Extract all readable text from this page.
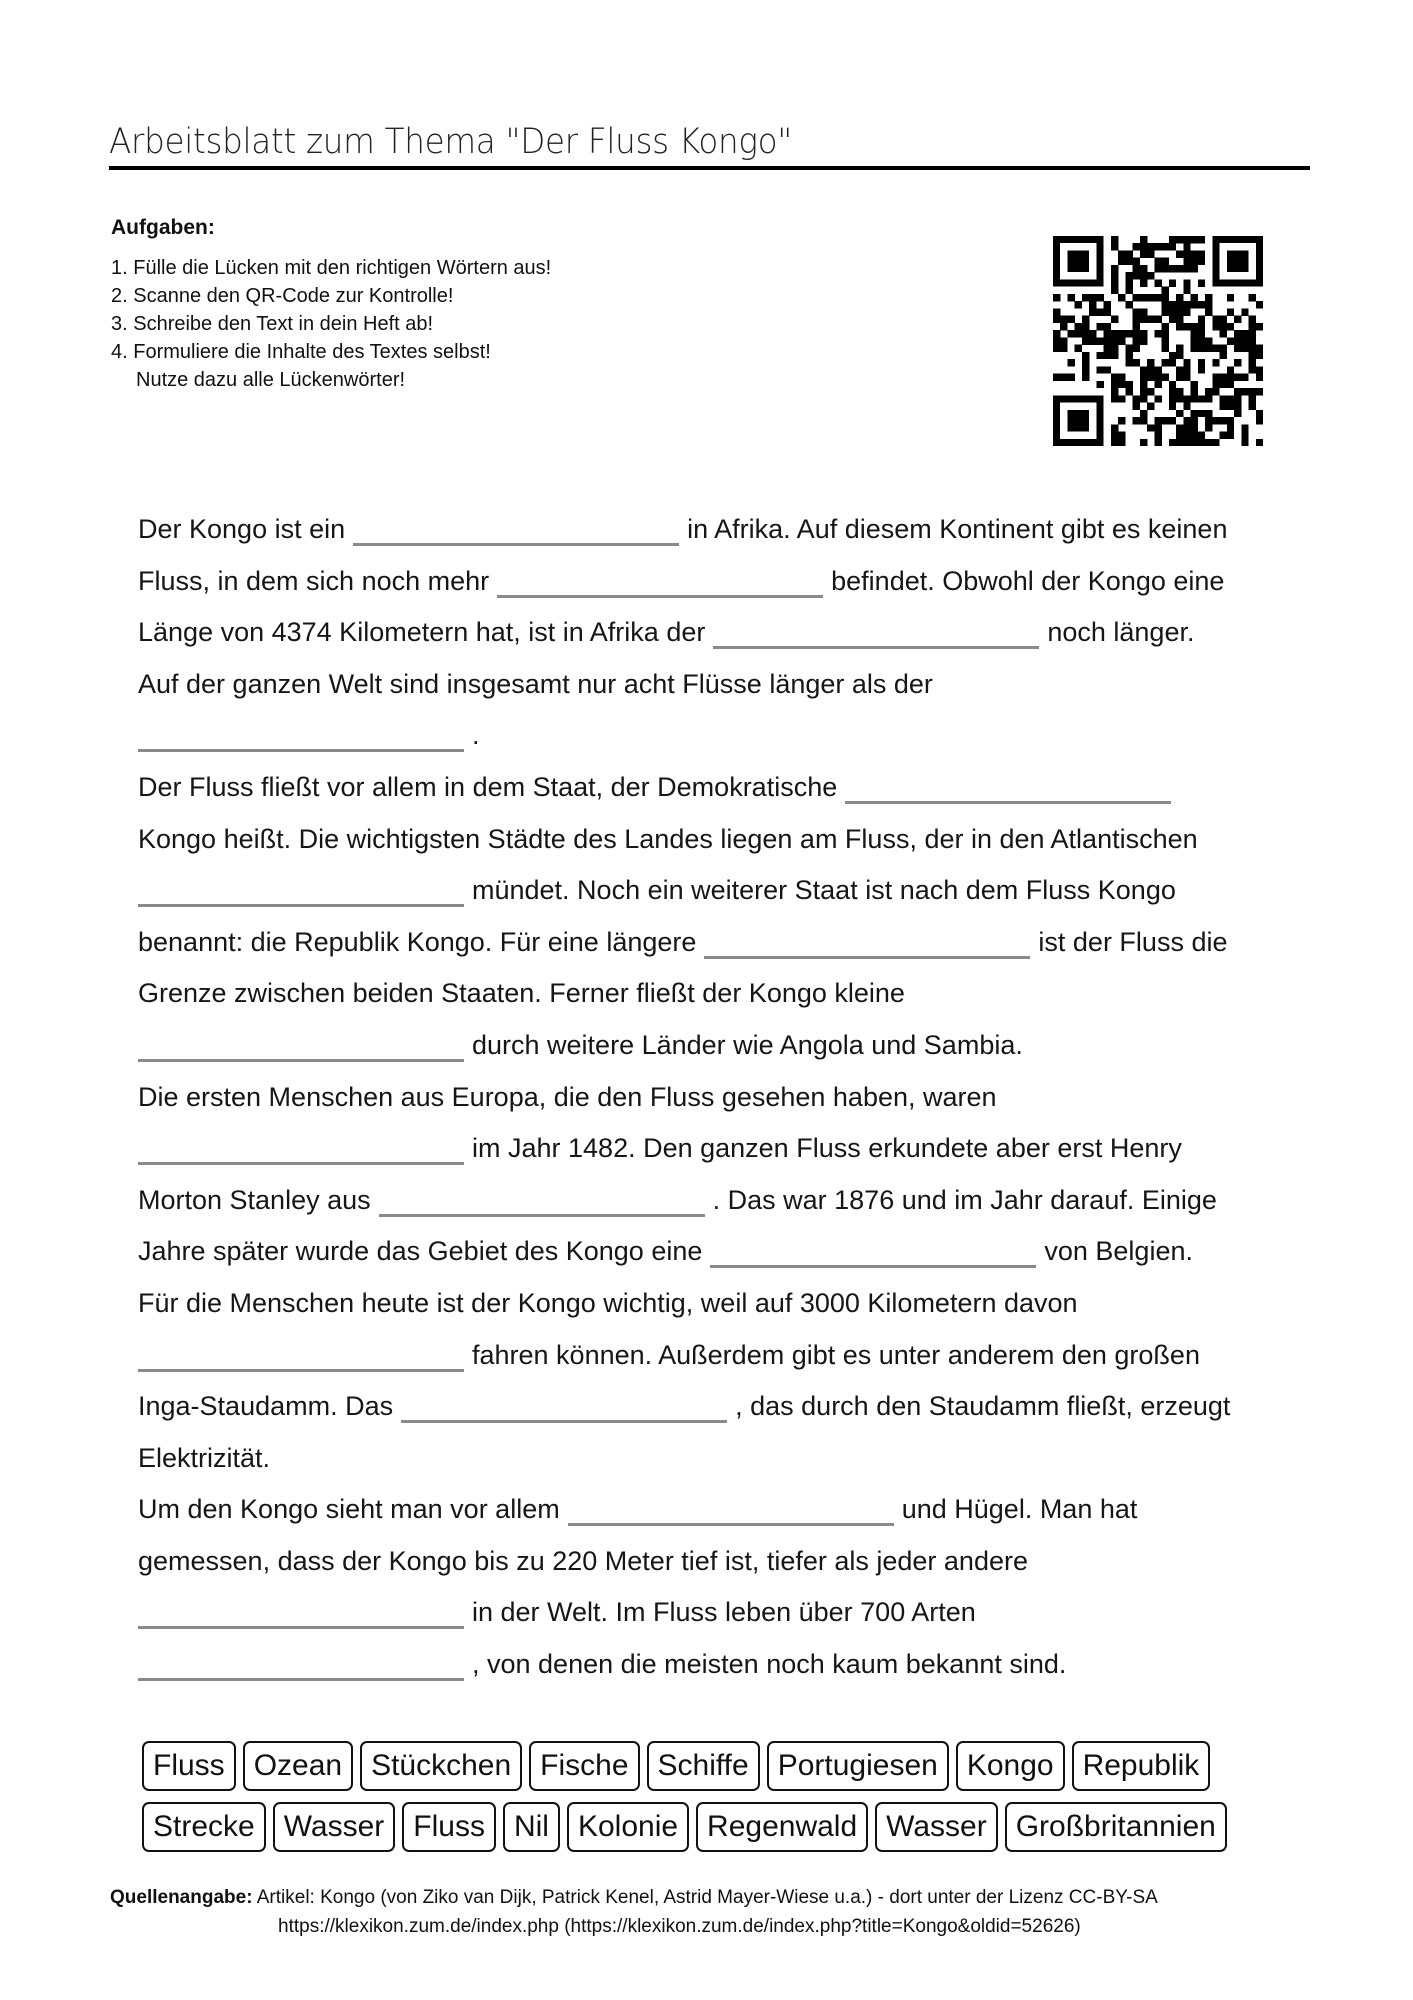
Arbeitsblatt zum Thema "Der Fluss Kongo"
Aufgaben:
1. Fülle die Lücken mit den richtigen Wörtern aus!
2. Scanne den QR-Code zur Kontrolle!
3. Schreibe den Text in dein Heft ab!
4. Formuliere die Inhalte des Textes selbst!
Nutze dazu alle Lückenwörter!
Der Kongo ist ein	in Afrika. Auf diesem Kontinent gibt es keinen
Fluss, in dem sich noch mehr	befindet. Obwohl der Kongo eine
Länge von 4374 Kilometern hat, ist in Afrika der	noch länger.
Auf der ganzen Welt sind insgesamt nur acht Flüsse länger als der
.
Der Fluss fließt vor allem in dem Staat, der Demokratische
Kongo heißt. Die wichtigsten Städte des Landes liegen am Fluss, der in den Atlantischen
mündet. Noch ein weiterer Staat ist nach dem Fluss Kongo
benannt: die Republik Kongo. Für eine längere	ist der Fluss die
Grenze zwischen beiden Staaten. Ferner fließt der Kongo kleine
durch weitere Länder wie Angola und Sambia.
Die ersten Menschen aus Europa, die den Fluss gesehen haben, waren
im Jahr 1482. Den ganzen Fluss erkundete aber erst Henry
Morton Stanley aus	. Das war 1876 und im Jahr darauf. Einige
Jahre später wurde das Gebiet des Kongo eine	von Belgien.
Für die Menschen heute ist der Kongo wichtig, weil auf 3000 Kilometern davon
fahren können. Außerdem gibt es unter anderem den großen
Inga-Staudamm. Das	, das durch den Staudamm fließt, erzeugt
Elektrizität.
Um den Kongo sieht man vor allem	und Hügel. Man hat
gemessen, dass der Kongo bis zu 220 Meter tief ist, tiefer als jeder andere
in der Welt. Im Fluss leben über 700 Arten
, von denen die meisten noch kaum bekannt sind.
Fluss Ozean Stückchen Fische Schiffe Portugiesen Kongo Republik
Strecke Wasser Fluss Nil Kolonie Regenwald Wasser Großbritannien
Quellenangabe: Artikel: Kongo (von Ziko van Dijk, Patrick Kenel, Astrid Mayer-Wiese u.a.) - dort unter der Lizenz CC-BY-SA
https://klexikon.zum.de/index.php (https://klexikon.zum.de/index.php?title=Kongo&oldid=52626)
